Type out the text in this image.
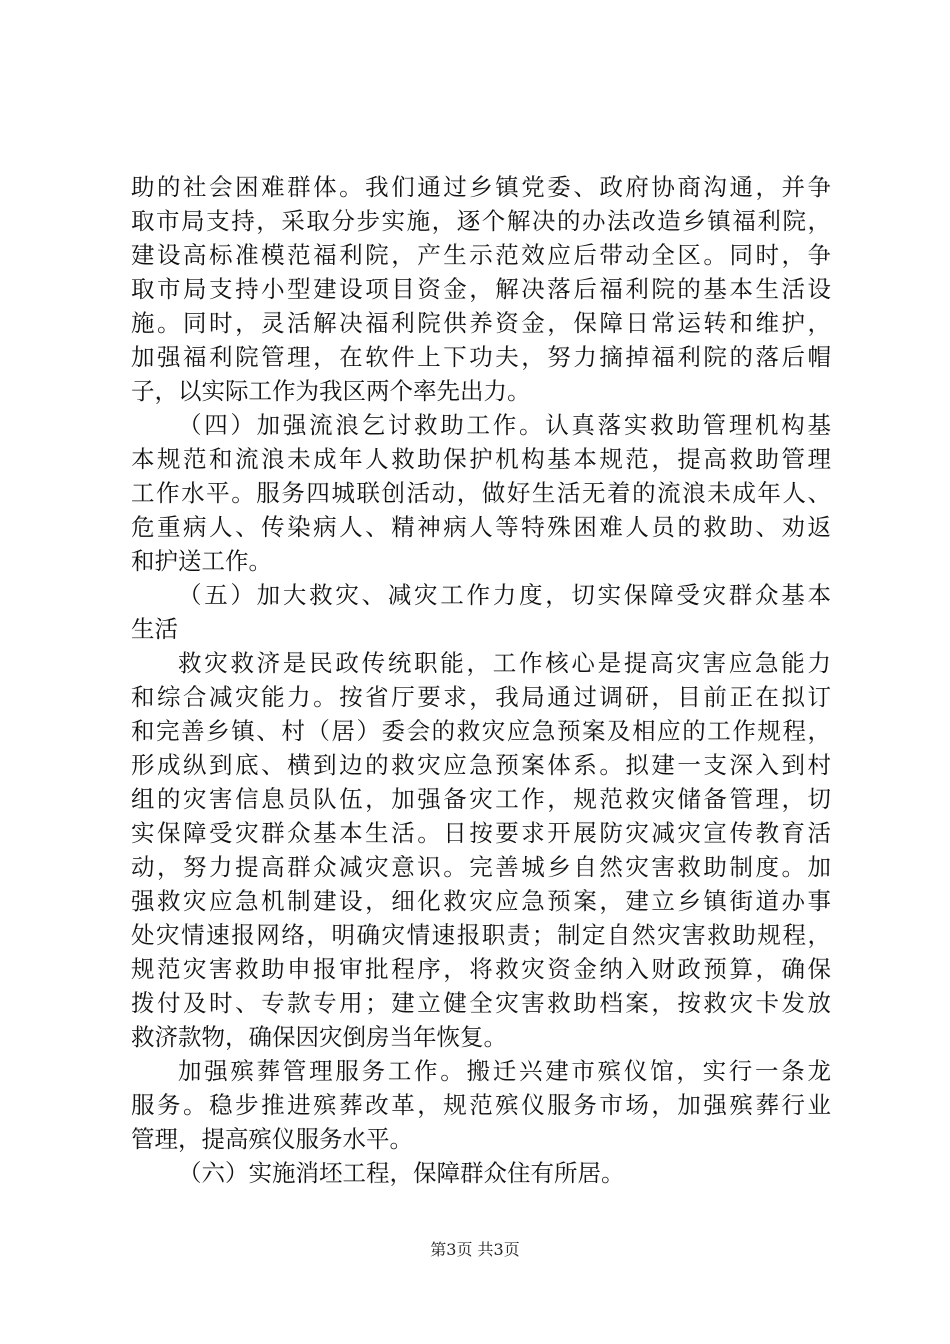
助的社会困难群体。我们通过乡镇党委、政府协商沟通，并争
取市局支持，采取分步实施，逐个解决的办法改造乡镇福利院，
建设高标准模范福利院，产生示范效应后带动全区。同时，争
取市局支持小型建设项目资金，解决落后福利院的基本生活设
施。同时，灵活解决福利院供养资金，保障日常运转和维护，
加强福利院管理，在软件上下功夫，努力摘掉福利院的落后帽
子，以实际工作为我区两个率先出力。
（四）加强流浪乞讨救助工作。认真落实救助管理机构基
本规范和流浪未成年人救助保护机构基本规范，提高救助管理
工作水平。服务四城联创活动，做好生活无着的流浪未成年人、
危重病人、传染病人、精神病人等特殊困难人员的救助、劝返
和护送工作。
（五）加大救灾、减灾工作力度，切实保障受灾群众基本
生活
救灾救济是民政传统职能，工作核心是提高灾害应急能力
和综合减灾能力。按省厅要求，我局通过调研，目前正在拟订
和完善乡镇、村（居）委会的救灾应急预案及相应的工作规程，
形成纵到底、横到边的救灾应急预案体系。拟建一支深入到村
组的灾害信息员队伍，加强备灾工作，规范救灾储备管理，切
实保障受灾群众基本生活。日按要求开展防灾减灾宣传教育活
动，努力提高群众减灾意识。完善城乡自然灾害救助制度。加
强救灾应急机制建设，细化救灾应急预案，建立乡镇街道办事
处灾情速报网络，明确灾情速报职责；制定自然灾害救助规程，
规范灾害救助申报审批程序，将救灾资金纳入财政预算，确保
拨付及时、专款专用；建立健全灾害救助档案，按救灾卡发放
救济款物，确保因灾倒房当年恢复。
加强殡葬管理服务工作。搬迁兴建市殡仪馆，实行一条龙
服务。稳步推进殡葬改革，规范殡仪服务市场，加强殡葬行业
管理，提高殡仪服务水平。
（六）实施消坯工程，保障群众住有所居。
第3页 共3页
